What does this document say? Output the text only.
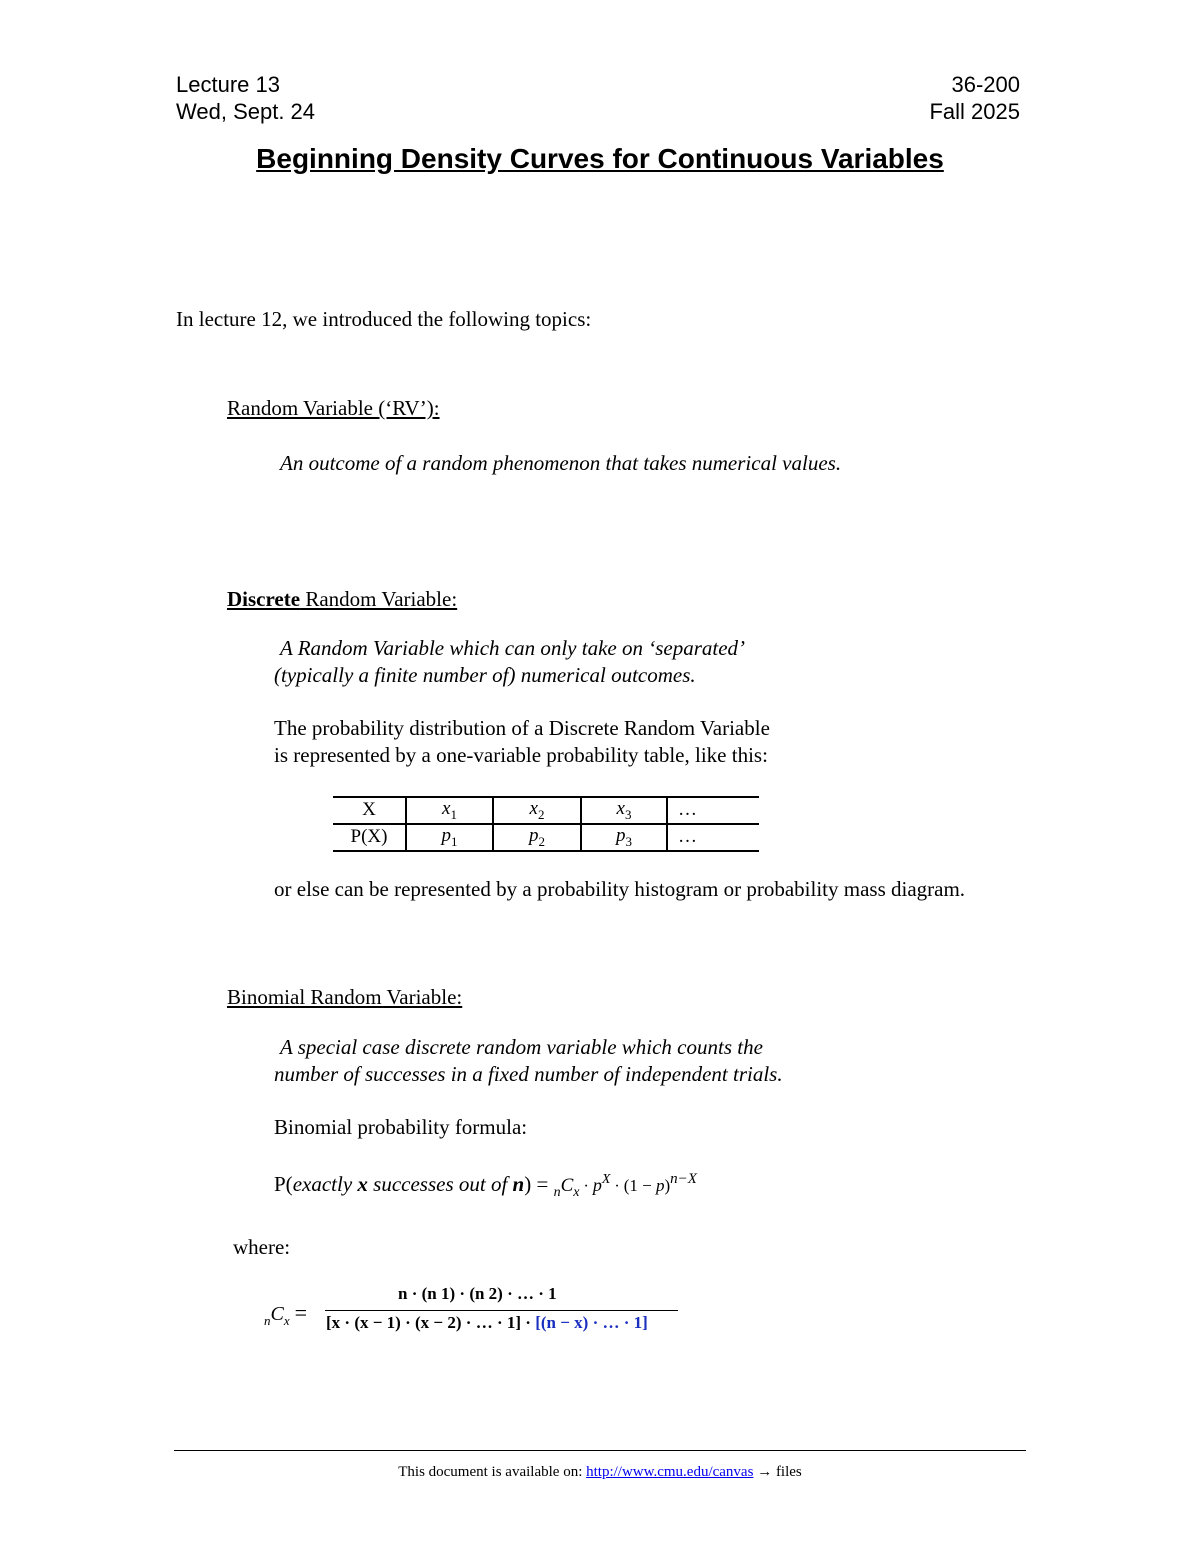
Lecture 13
Wed, Sept. 24
36-200
Fall 2025
Beginning Density Curves for Continuous Variables
In lecture 12, we introduced the following topics:
Random Variable (‘RV’):
An outcome of a random phenomenon that takes numerical values.
Discrete Random Variable:
A Random Variable which can only take on ‘separated’
(typically a finite number of) numerical outcomes.
The probability distribution of a Discrete Random Variable
is represented by a one-variable probability table, like this:
X	$x_1$	$x_2$	$x_3$	…
P(X)	$p_1$	$p_2$	$p_3$	…
or else can be represented by a probability histogram or probability mass diagram.
Binomial Random Variable:
A special case discrete random variable which counts the
number of successes in a fixed number of independent trials.
Binomial probability formula:
P(exactly x successes out of $n) = _nC_x \cdot p^X \cdot (1 - p)^{n-X}$
where:
$_nC_x$ =
n · (n 1) · (n 2) · … · 1
[x · (x − 1) · (x − 2) · … · 1] · [(n − x) · … · 1]
This document is available on: http://www.cmu.edu/canvas → files
